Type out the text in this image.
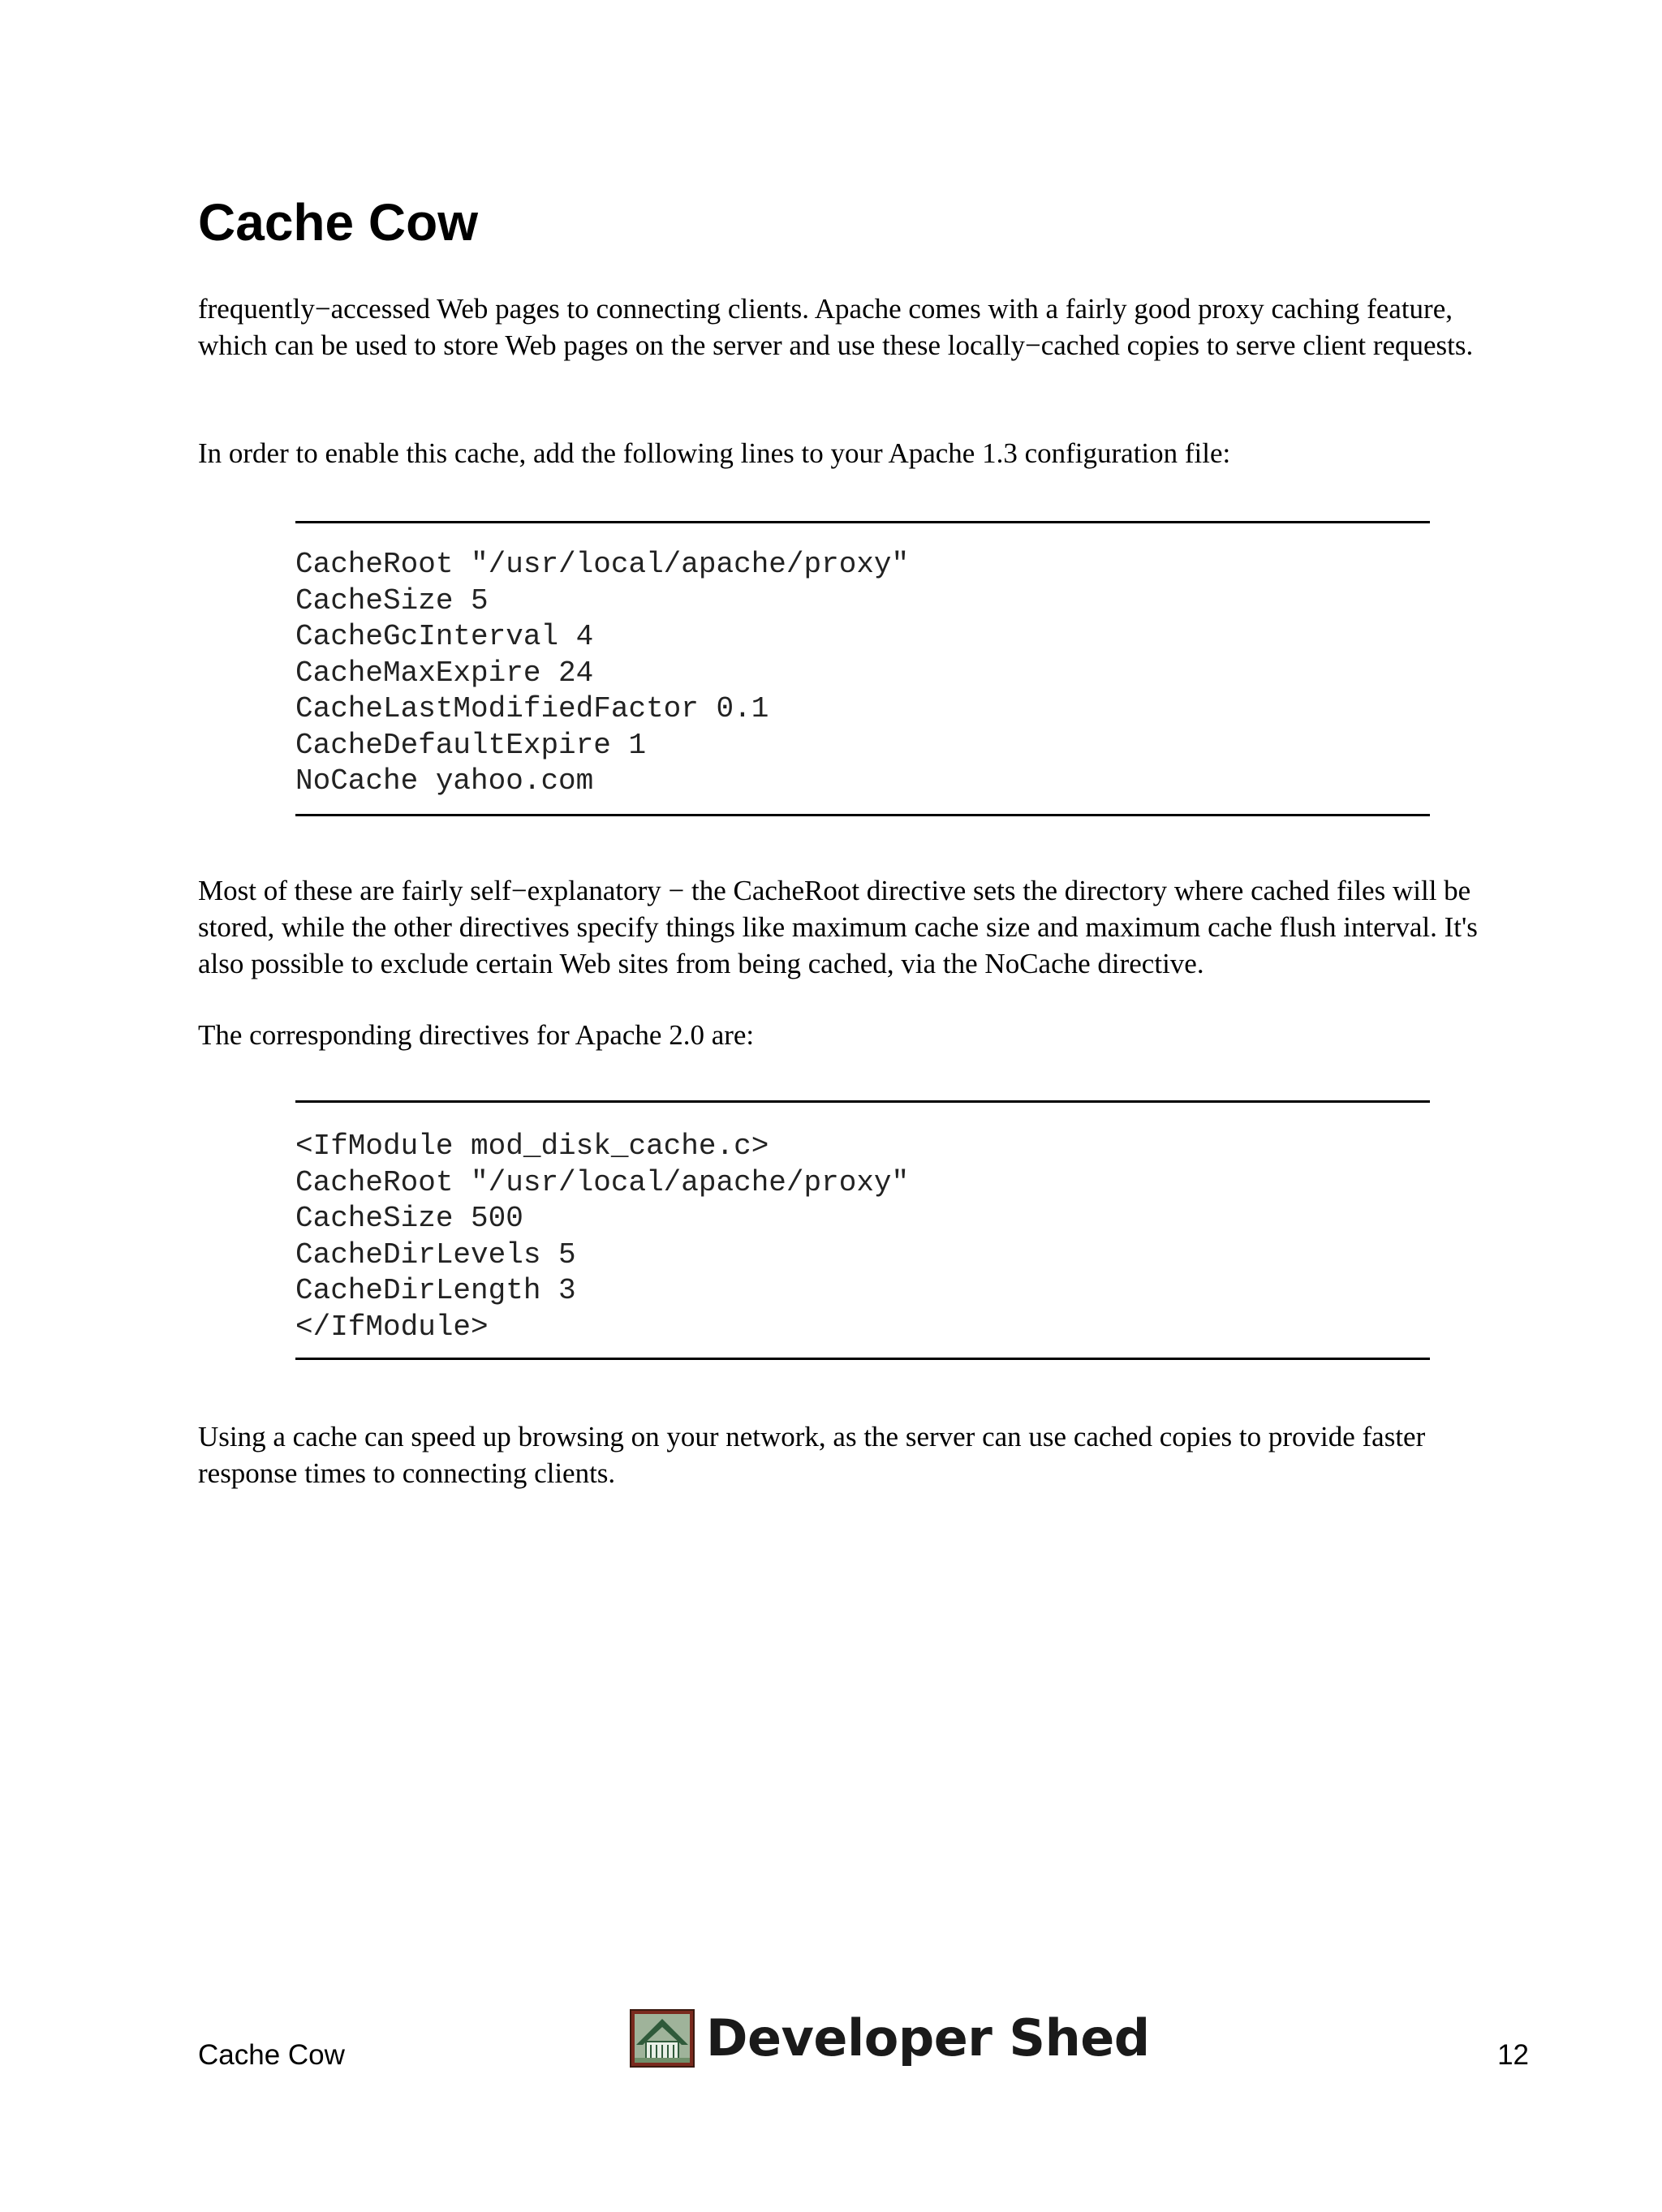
Cache Cow

frequently−accessed Web pages to connecting clients. Apache comes with a fairly good proxy caching feature, which can be used to store Web pages on the server and use these locally−cached copies to serve client requests.

In order to enable this cache, add the following lines to your Apache 1.3 configuration file:

CacheRoot "/usr/local/apache/proxy"
CacheSize 5
CacheGcInterval 4
CacheMaxExpire 24
CacheLastModifiedFactor 0.1
CacheDefaultExpire 1
NoCache yahoo.com

Most of these are fairly self−explanatory − the CacheRoot directive sets the directory where cached files will be stored, while the other directives specify things like maximum cache size and maximum cache flush interval. It's also possible to exclude certain Web sites from being cached, via the NoCache directive.

The corresponding directives for Apache 2.0 are:

<IfModule mod_disk_cache.c>
CacheRoot "/usr/local/apache/proxy"
CacheSize 500
CacheDirLevels 5
CacheDirLength 3
</IfModule>

Using a cache can speed up browsing on your network, as the server can use cached copies to provide faster response times to connecting clients.

Cache Cow	Developer Shed	12
